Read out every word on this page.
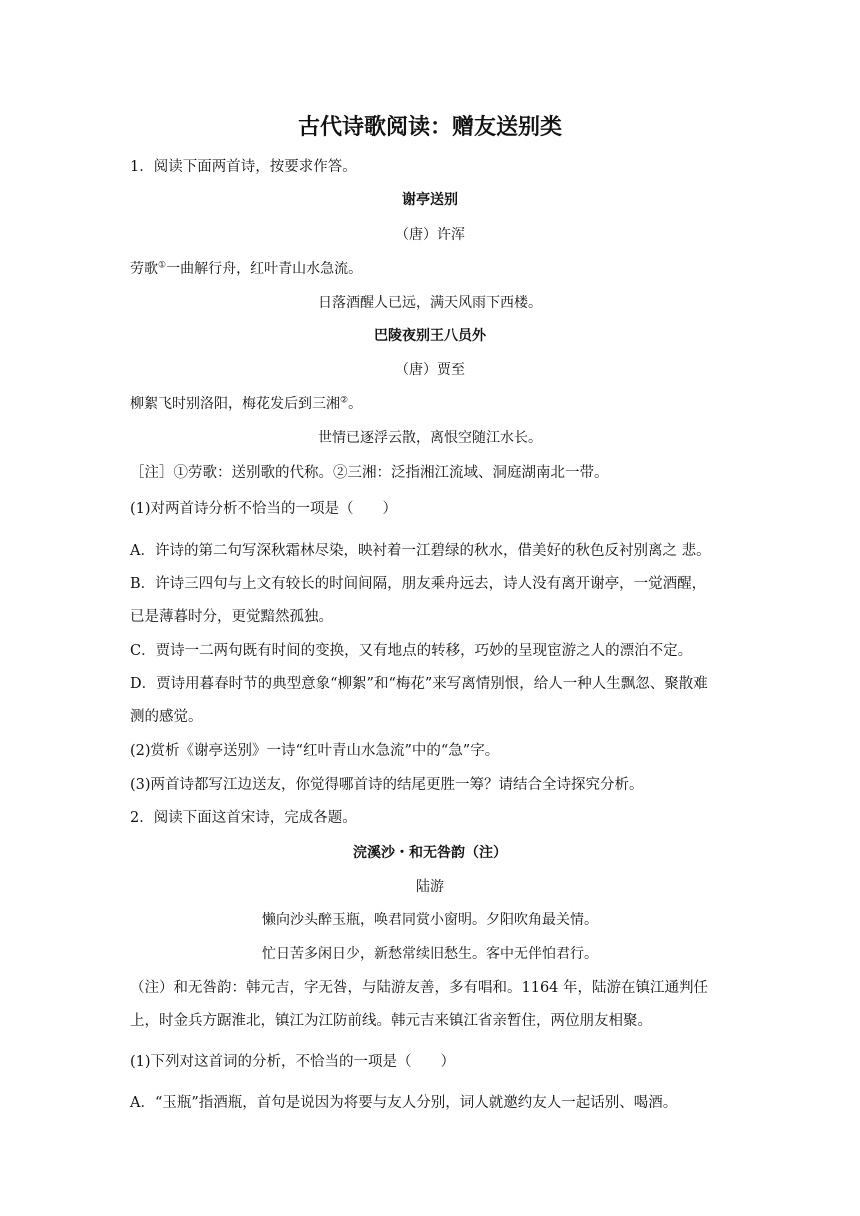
古代诗歌阅读：赠友送别类
1．阅读下面两首诗，按要求作答。
谢亭送别
（唐）许浑
劳歌①一曲解行舟，红叶青山水急流。
日落酒醒人已远，满天风雨下西楼。
巴陵夜别王八员外
（唐）贾至
柳絮飞时别洛阳，梅花发后到三湘②。
世情已逐浮云散，离恨空随江水长。
［注］①劳歌：送别歌的代称。②三湘：泛指湘江流域、洞庭湖南北一带。
(1)对两首诗分析不恰当的一项是（　　）
A．许诗的第二句写深秋霜林尽染，映衬着一江碧绿的秋水，借美好的秋色反衬别离之 悲。
B．许诗三四句与上文有较长的时间间隔，朋友乘舟远去，诗人没有离开谢亭，一觉酒醒，
已是薄暮时分，更觉黯然孤独。
C．贾诗一二两句既有时间的变换，又有地点的转移，巧妙的呈现宦游之人的漂泊不定。
D．贾诗用暮春时节的典型意象“柳絮”和“梅花”来写离情别恨，给人一种人生飘忽、聚散难
测的感觉。
(2)赏析《谢亭送别》一诗“红叶青山水急流”中的“急”字。
(3)两首诗都写江边送友，你觉得哪首诗的结尾更胜一筹？请结合全诗探究分析。
2．阅读下面这首宋诗，完成各题。
浣溪沙・和无咎韵（注）
陆游
懒向沙头醉玉瓶，唤君同赏小窗明。夕阳吹角最关情。
忙日苦多闲日少，新愁常续旧愁生。客中无伴怕君行。
（注）和无咎韵：韩元吉，字无咎，与陆游友善，多有唱和。1164 年，陆游在镇江通判任
上，时金兵方踞淮北，镇江为江防前线。韩元吉来镇江省亲暂住，两位朋友相聚。
(1)下列对这首词的分析，不恰当的一项是（　　）
A．“玉瓶”指酒瓶，首句是说因为将要与友人分别，词人就邀约友人一起话别、喝酒。
